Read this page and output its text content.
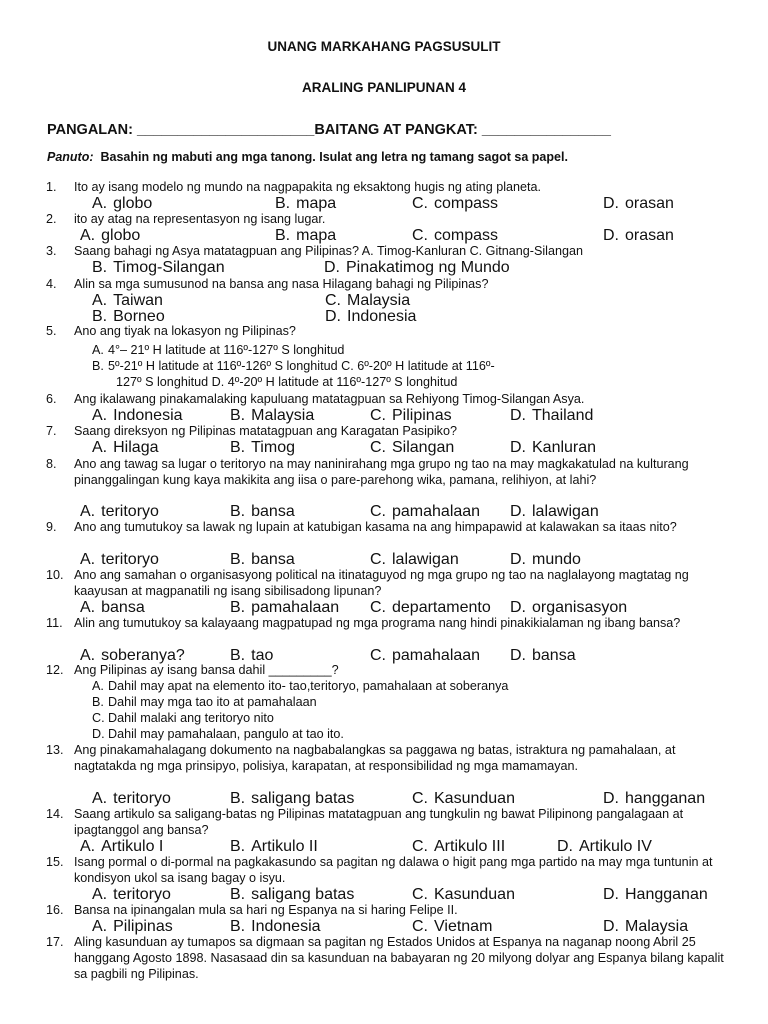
UNANG MARKAHANG PAGSUSULIT
ARALING PANLIPUNAN 4
PANGALAN: ______________________BAITANG AT PANGKAT: ________________
Panuto: Basahin ng mabuti ang mga tanong. Isulat ang letra ng tamang sagot sa papel.
1.	Ito ay isang modelo ng mundo na nagpapakita ng eksaktong hugis ng ating planeta.
A. globo	B. mapa	C. compass	D. orasan
2.	ito ay atag na representasyon ng isang lugar.
A. globo	B. mapa	C. compass	D. orasan
3.	Saang bahagi ng Asya matatagpuan ang Pilipinas? A. Timog-Kanluran C. Gitnang-Silangan
B. Timog-Silangan	D. Pinakatimog ng Mundo
4.	Alin sa mga sumusunod na bansa ang nasa Hilagang bahagi ng Pilipinas?
A. Taiwan	C. Malaysia
B. Borneo	D. Indonesia
5.	Ano ang tiyak na lokasyon ng Pilipinas?
A. 4°– 21º H latitude at 116º-127º S longhitud
B. 5º-21º H latitude at 116º-126º S longhitud C. 6º-20º H latitude at 116º-
127º S longhitud D. 4º-20º H latitude at 116º-127º S longhitud
6.	Ang ikalawang pinakamalaking kapuluang matatagpuan sa Rehiyong Timog-Silangan Asya.
A. Indonesia	B. Malaysia	C. Pilipinas	D. Thailand
7.	Saang direksyon ng Pilipinas matatagpuan ang Karagatan Pasipiko?
A. Hilaga	B. Timog	C. Silangan	D. Kanluran
8.	Ano ang tawag sa lugar o teritoryo na may naninirahang mga grupo ng tao na may magkakatulad na kulturang pinanggalingan kung kaya makikita ang iisa o pare-parehong wika, pamana, relihiyon, at lahi?
A. teritoryo	B. bansa	C. pamahalaan D. lalawigan
9.	Ano ang tumutukoy sa lawak ng lupain at katubigan kasama na ang himpapawid at kalawakan sa itaas nito?
A. teritoryo	B. bansa	C. lalawigan	D. mundo
10. Ano ang samahan o organisasyong political na itinataguyod ng mga grupo ng tao na naglalayong magtatag ng kaayusan at magpanatili ng isang sibilisadong lipunan?
A. bansa	B. pamahalaan C. departamento D. organisasyon
11. Alin ang tumutukoy sa kalayaang magpatupad ng mga programa nang hindi pinakikialaman ng ibang bansa?
A. soberanya?	B. tao	C. pamahalaan D. bansa
12. Ang Pilipinas ay isang bansa dahil _________?
A. Dahil may apat na elemento ito- tao,teritoryo, pamahalaan at soberanya
B. Dahil may mga tao ito at pamahalaan
C. Dahil malaki ang teritoryo nito
D. Dahil may pamahalaan, pangulo at tao ito.
13. Ang pinakamahalagang dokumento na nagbabalangkas sa paggawa ng batas, istraktura ng pamahalaan, at nagtatakda ng mga prinsipyo, polisiya, karapatan, at responsibilidad ng mga mamamayan.
A. teritoryo	B. saligang batas	C. Kasunduan	D. hangganan
14. Saang artikulo sa saligang-batas ng Pilipinas matatagpuan ang tungkulin ng bawat Pilipinong pangalagaan at ipagtanggol ang bansa?
A. Artikulo I	B. Artikulo II	C. Artikulo III	D. Artikulo IV
15. Isang pormal o di-pormal na pagkakasundo sa pagitan ng dalawa o higit pang mga partido na may mga tuntunin at kondisyon ukol sa isang bagay o isyu.
A. teritoryo	B. saligang batas	C. Kasunduan	D. Hangganan
16. Bansa na ipinangalan mula sa hari ng Espanya na si haring Felipe II.
A. Pilipinas	B. Indonesia	C. Vietnam	D. Malaysia
17. Aling kasunduan ay tumapos sa digmaan sa pagitan ng Estados Unidos at Espanya na naganap noong Abril 25 hanggang Agosto 1898. Nasasaad din sa kasunduan na babayaran ng 20 milyong dolyar ang Espanya bilang kapalit sa pagbili ng Pilipinas.
